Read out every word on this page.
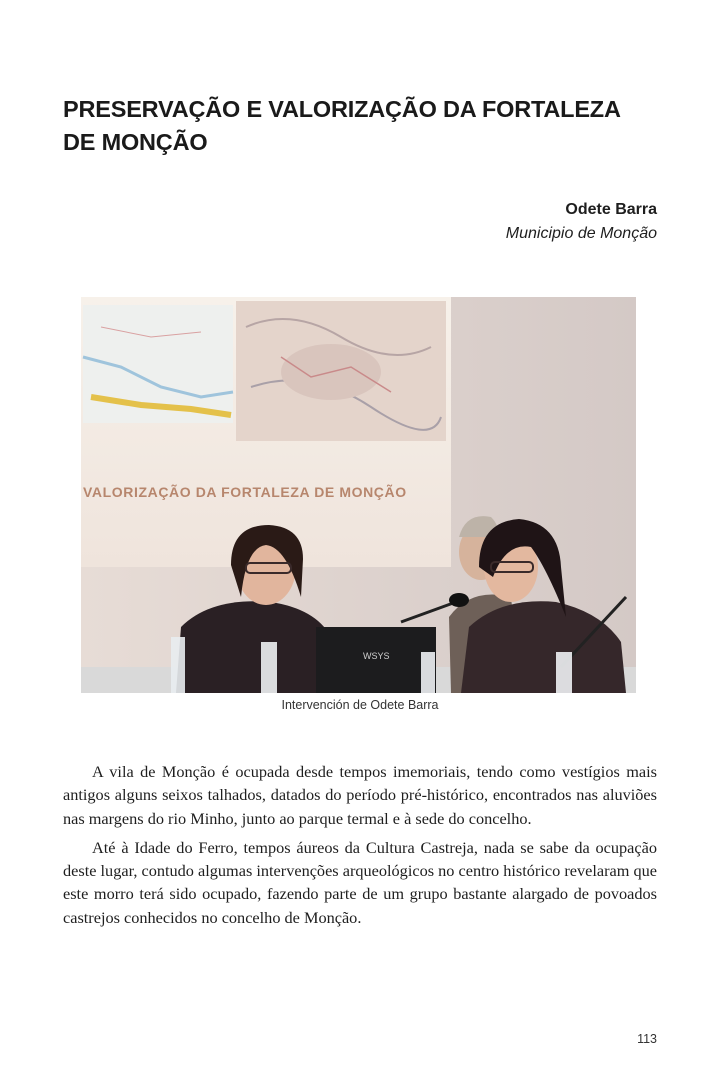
PRESERVAÇÃO E VALORIZAÇÃO DA FORTALEZA
DE MONÇÃO
Odete Barra
Municipio de Monção
VALORIZAÇÃO DA FORTALEZA DE MONÇÃO
WSYS
Intervención de Odete Barra

A vila de Monção é ocupada desde tempos imemoriais, tendo como vestígios mais antigos alguns seixos talhados, datados do período pré-histórico, encontrados nas aluviões nas margens do rio Minho, junto ao parque termal e à sede do concelho.

Até à Idade do Ferro, tempos áureos da Cultura Castreja, nada se sabe da ocupação deste lugar, contudo algumas intervenções arqueológicos no centro histórico revelaram que este morro terá sido ocupado, fazendo parte de um grupo bastante alargado de povoados castrejos conhecidos no concelho de Monção.

113
